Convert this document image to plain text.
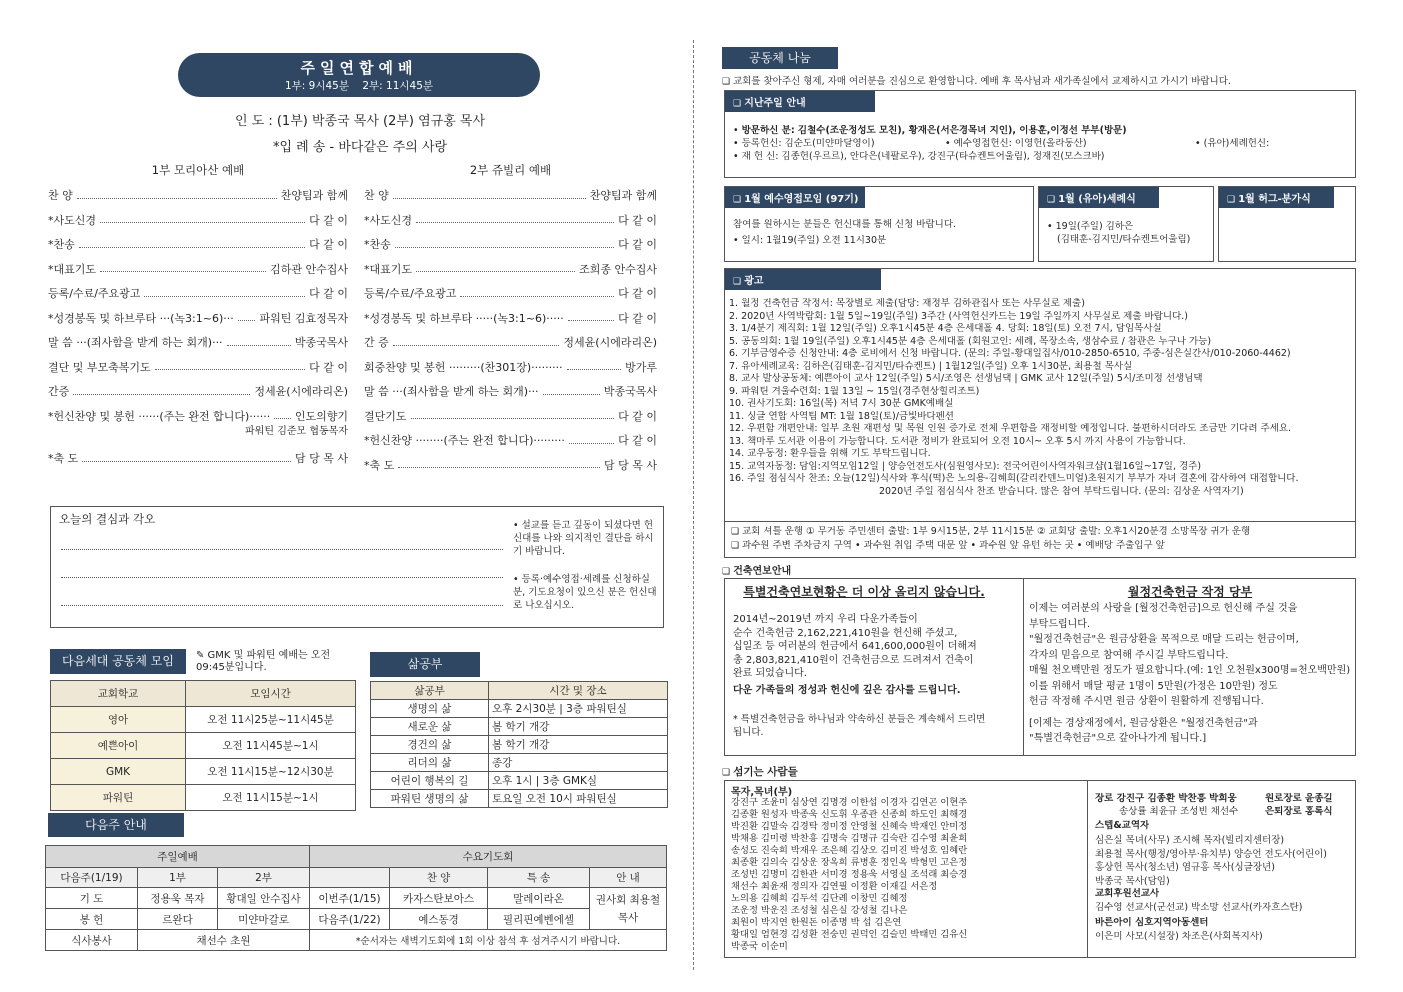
주일연합예배
1부: 9시45분    2부: 11시45분
인 도 : (1부) 박종국 목사 (2부) 염규홍 목사
*입 례 송 - 바다같은 주의 사랑
1부 모리아산 예배
찬 양	찬양팀과 함께
*사도신경	다 같 이
*찬송	다 같 이
*대표기도	김하관 안수집사
등록/수료/주요광고	다 같 이
*성경봉독 및 하브루타 ···(녹3:1~6)··· 파워틴 김효정목자
말 씀 ···(죄사함을 받게 하는 회개)···	박종국목사
결단 및 부모축복기도	다 같 이
간증	정세윤(시에라리온)
*헌신찬양 및 봉헌 ······(주는 완전 합니다)······ 인도의향기
파워틴 김준모 협동목자
*축 도	담 당 목 사
2부 쥬빌리 예배
찬 양	찬양팀과 함께
*사도신경	다 같 이
*찬송	다 같 이
*대표기도	조희종 안수집사
등록/수료/주요광고	다 같 이
*성경봉독 및 하브루타 ·····(녹3:1~6)·····	다 같 이
간 증	정세윤(시에라리온)
회중찬양 및 봉헌 ·········(찬301장)·········	방가루
말 씀 ···(죄사함을 받게 하는 회개)···	박종국목사
결단기도	다 같 이
*헌신찬양 ········(주는 완전 합니다)·········	다 같 이
*축 도	담 당 목 사
오늘의 결심과 각오	• 설교를 듣고 깊동이 되셨다면 헌신대를 나와 의지적인 결단을 하시기 바랍니다.
• 등록·예수영접·세례를 신청하실 분, 기도요청이 있으신 분은 헌신대로 나오십시오.
다음세대 공동체 모임	✎ GMK 및 파워틴 예배는 오전 09:45분입니다.
교회학교	모임시간
영아	오전 11시25분~11시45분
예쁜아이	오전 11시45분~1시
GMK	오전 11시15분~12시30분
파워틴	오전 11시15분~1시
삶공부
삶공부	시간 및 장소
생명의 삶	오후 2시30분 | 3층 파워틴실
새로운 삶	봄 학기 개강
경건의 삶	봄 학기 개강
리더의 삶	종강
어린이 행복의 길	오후 1시 | 3층 GMK실
파워틴 생명의 삶	토요일 오전 10시 파워틴실
다음주 안내
주일예배			수요기도회			
다음주(1/19)	1부	2부		찬 양	특 송	안 내
기 도	정용욱 목자	황대일 안수집사	이번주(1/15)	카자스탄보아스	말레이라온	권사회 최용철 목사
봉 헌	르완다	미얀마갈로	다음주(1/22)	예스동경	필리핀예벤에셀	
식사봉사	채선수 초원		*순서자는 새벽기도회에 1회 이상 참석 후 섬겨주시기 바랍니다.			
공동체 나눔
❑ 교회를 찾아주신 형제, 자매 여러분을 진심으로 환영합니다. 예배 후 목사님과 새가족실에서 교제하시고 가시기 바랍니다.
❑ 지난주일 안내
• 방문하신 분: 김철수(조운정성도 모친), 황재은(서은경목녀 지인), 이용훈,이정선 부부(방문)
• 등록헌신: 김순도(미얀마달영이)	• 예수영접헌신: 이영헌(올라동산)	• (유아)세례헌신:
• 재 헌 신: 김종헌(우르르), 안다은(네팔로우), 강진구(타슈켄트어울림), 정재진(모스크바)
❑ 1월 예수영접모임 (97기)
참여를 원하시는 분들은 헌신대를 통해 신청 바랍니다.
• 일시: 1월19(주일) 오전 11시30분
❑ 1월 (유아)세례식
• 19일(주일) 김하은
(김태훈-김지민/타슈켄트어울림)
❑ 1월 허그-분가식
❑ 광고
1. 월정 건축헌금 작정서: 목장별로 제출(담당: 재정부 김하관집사 또는 사무실로 제출)
2. 2020년 사역박람회: 1월 5일~19일(주일) 3주간 (사역헌신카드는 19일 주일까지 사무실로 제출 바랍니다.)
3. 1/4분기 제직회: 1월 12일(주일) 오후1시45분 4층 은세대홀 4. 당회: 18일(토) 오전 7시, 담임목사실
5. 공동의회: 1월 19일(주일) 오후1시45분 4층 은세대홀 (회원고인: 세례, 목장소속, 생삼수료 / 참관은 누구나 가능)
6. 기부금영수증 신청안내: 4층 로비에서 신청 바랍니다. (문의: 주일-황대일집사/010-2850-6510, 주중-심은실간사/010-2060-4462)
7. 유아세례교육: 김하은(김태훈-김지민/타슈켄트) | 1월12일(주일) 오후 1시30분, 최용철 목사실
8. 교사 발상공동체: 예쁜아이 교사 12일(주일) 5시/조영은 선생님댁 | GMK 교사 12일(주일) 5시/조미정 선생님댁
9. 파워틴 겨울수련회: 1월 13일 ~ 15일(경주현상힐리조트)
10. 권사기도회: 16일(목) 저녁 7시 30분 GMK예배실
11. 싱글 연합 사역팀 MT: 1월 18일(토)/금빛바다펜션
12. 우편함 개편안내: 일부 초원 재편성 및 목원 인원 증가로 전체 우편함을 재정비할 예정입니다. 불편하시더라도 조금만 기다려 주세요.
13. 책마루 도서관 이용이 가능합니다. 도서관 정비가 완료되어 오전 10시~ 오후 5시 까지 사용이 가능합니다.
14. 교우동정: 환우들을 위해 기도 부탁드립니다.
15. 교역자동정: 담임:지역모임12일 | 양승언전도사(심원영사모): 전국어린이사역자워크샵(1월16일~17일, 경주)
16. 주일 점심식사 찬조: 오늘(12일)식사와 후식(떡)은 노의용-김혜희(갈리칸덴느미얼)초원지기 부부가 자녀 결혼에 감사하여 대접합니다.
2020년 주일 점심식사 찬조 받습니다. 많은 참여 부탁드립니다. (문의: 김상운 사역자기)
❑ 교회 셔틀 운행 ① 무거동 주민센터 출발: 1부 9시15분, 2부 11시15분 ② 교회당 출발: 오후1시20분경 소망목장 귀가 운행
❑ 과수원 주변 주차금지 구역 • 과수원 취입 주택 대문 앞 • 과수원 앞 유턴 하는 곳 • 예배당 주출입구 앞
❑ 건축연보안내
특별건축연보현황은 더 이상 올리지 않습니다.
2014년~2019년 까지 우리 다운가족들이
순수 건축헌금 2,162,221,410원을 헌신해 주셨고,
십일조 등 여러분의 헌금에서 641,600,000원이 더해져
총 2,803,821,410원이 건축헌금으로 드려져서 건축이
완료 되었습니다.
다운 가족들의 정성과 헌신에 깊은 감사를 드립니다.
* 특별건축헌금을 하나님과 약속하신 분들은 계속해서 드리면 됩니다.
월정건축헌금 작정 당부
이제는 여러분의 사랑을 [월정건축헌금]으로 헌신해 주실 것을
부탁드립니다.
"월정건축헌금"은 원금상환을 목적으로 매달 드리는 헌금이며,
각자의 믿음으로 참여해 주시길 부탁드립니다.
매월 천오백만원 정도가 필요합니다.(예: 1인 오천원x300명=천오백만원)
이를 위해서 매달 평균 1명이 5만원(가정은 10만원) 정도
헌금 작정해 주시면 원금 상환이 원활하게 진행됩니다.
[이제는 경상재정에서, 원금상환은 "월정건축헌금"과
"특별건축헌금"으로 갚아나가게 됩니다.]
❑ 섬기는 사람들
목자,목녀(부)
강진구 조윤미 심상연 김명경 이한섭 이경자 김연곤 이현주
김종환 원성자 박종욱 신도휘 우종관 신종희 하도인 최해경
박진환 김말숙 김경탁 정미정 안영철 신혜숙 박재인 안미정
박채용 김미령 박찬흥 김명숙 김명규 김숙란 김수영 최윤희
송성도 진숙희 박재우 조은혜 김상오 김미진 박성호 임혜란
최종환 김의숙 김상운 장옥희 류병훈 정인옥 박형민 고은정
조성빈 김명미 김한관 서미경 정용욱 서영실 조석래 최승경
채선수 최윤재 정의자 김연필 이정환 이재길 서은정
노의용 김혜희 김두석 김단례 이창민 김혜정
조운정 박운진 조성철 심은실 강성철 김나은
최원이 박지연 한원돈 이종명 박 섭 김은연
황대일 엄현경 김성환 전숭민 권덕인 김슬민 박태민 김유신
박종국 이순미
장로 강진구 김종환 박찬흥 박희웅	원로장로 윤종길
송상률 최윤규 조성빈 채선수	은퇴장로 홍록식
스텝&교역자
심은실 목녀(사무) 조시해 목자(빌리지센터장)
최용철 목사(행정/영아부·유치부) 양승언 전도사(어린이)
홍상헌 목사(청소년) 염규홍 목사(싱글장년)
박종국 목사(담임)
교회후원선교사
김수영 선교사(군선교) 박소망 선교사(카자흐스탄)
바른아이 심호지역아동센터
이은미 사모(시설장) 차조은(사회복지사)
